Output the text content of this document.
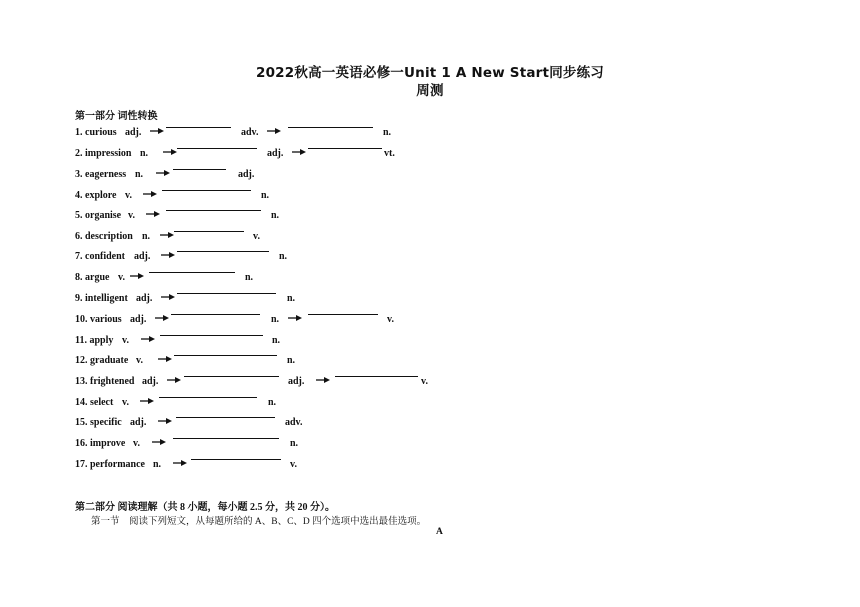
2022秋高一英语必修一Unit 1 A New Start同步练习
周测
第一部分 词性转换
1. curious adj.	adv.	n.
2. impression n.	adj.	vt.
3. eagerness n.	adj.
4. explore v.	n.
5. organise v.	n.
6. description n.	v.
7. confident adj.	n.
8. argue v.	n.
9. intelligent adj.	n.
10. various adj.	n.	v.
11. apply v.	n.
12. graduate v.	n.
13. frightened adj.	adj.	v.
14. select v.	n.
15. specific adj.	adv.
16. improve v.	n.
17. performance n.	v.
第二部分 阅读理解（共 8 小题，每小题 2.5 分，共 20 分）。
第一节　阅读下列短文，从每题所给的 A、B、C、D 四个选项中选出最佳选项。
A
